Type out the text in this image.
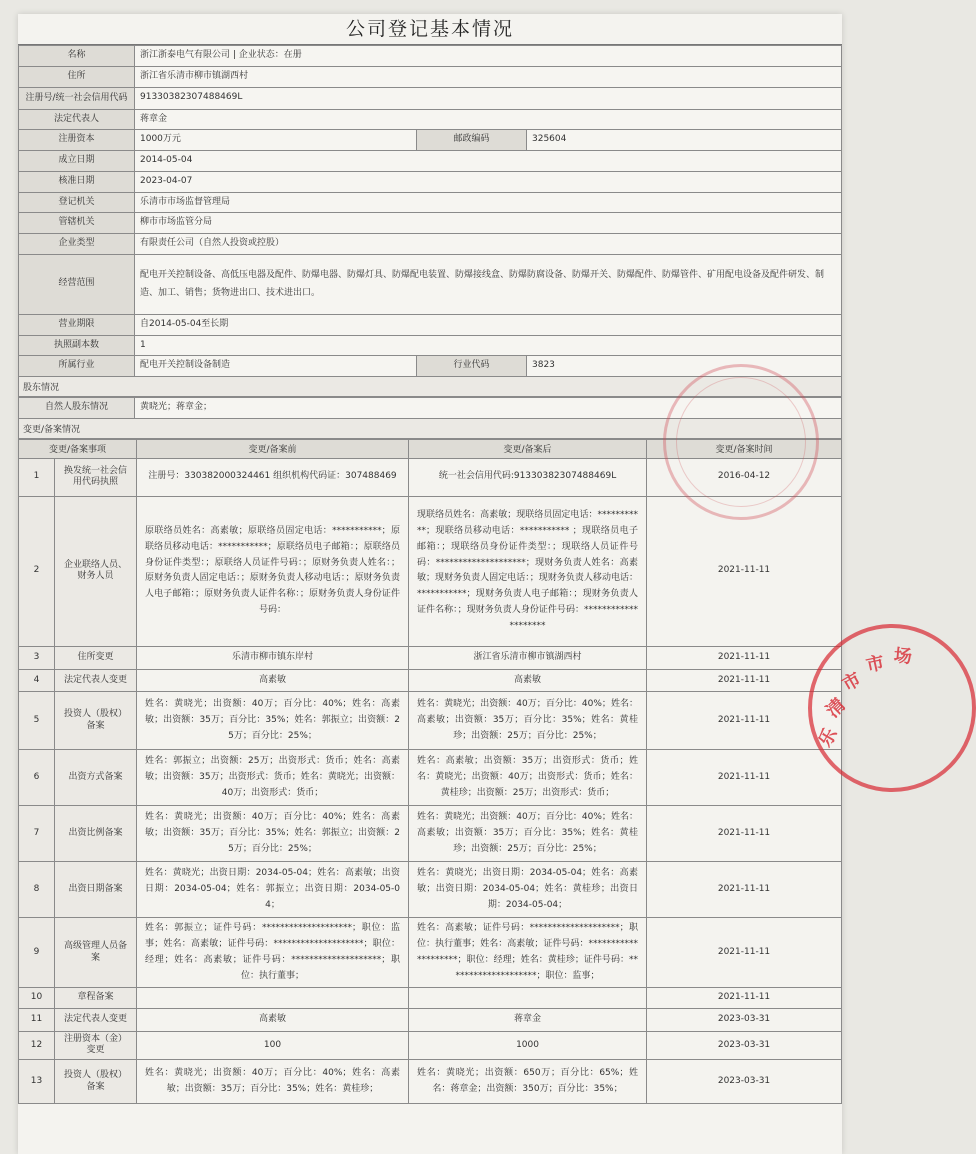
公司登记基本情况
名称	浙江浙泰电气有限公司 | 企业状态：在册		
住所	浙江省乐清市柳市镇湖西村		
注册号/统一社会信用代码	91330382307488469L		
法定代表人	蒋章金		
注册资本	1000万元	邮政编码	325604
成立日期	2014-05-04		
核准日期	2023-04-07		
登记机关	乐清市市场监督管理局		
管辖机关	柳市市场监管分局		
企业类型	有限责任公司（自然人投资或控股）		
经营范围	配电开关控制设备、高低压电器及配件、防爆电器、防爆灯具、防爆配电装置、防爆接线盒、防爆防腐设备、防爆开关、防爆配件、防爆管件、矿用配电设备及配件研发、制造、加工、销售；货物进出口、技术进出口。		
营业期限	自2014-05-04至长期		
执照副本数	1		
所属行业	配电开关控制设备制造	行业代码	3823
股东情况
自然人股东情况	黄晓光；蒋章金；
变更/备案情况
变更/备案事项		变更/备案前	变更/备案后	变更/备案时间
1	换发统一社会信用代码执照	注册号：330382000324461 组织机构代码证：307488469	统一社会信用代码:91330382307488469L	2016-04-12
2	企业联络人员、财务人员	原联络员姓名：高素敏；原联络员固定电话：***********；原联络员移动电话：***********；原联络员电子邮箱：；原联络员身份证件类型：；原联络人员证件号码：；原财务负责人姓名：；原财务负责人固定电话：；原财务负责人移动电话：；原财务负责人电子邮箱：；原财务负责人证件名称：；原财务负责人身份证件号码：	现联络员姓名：高素敏；现联络员固定电话：***********；现联络员移动电话：*********** ；现联络员电子邮箱：；现联络员身份证件类型：；现联络人员证件号码：********************；现财务负责人姓名：高素敏；现财务负责人固定电话：；现财务负责人移动电话：***********；现财务负责人电子邮箱：；现财务负责人证件名称：；现财务负责人身份证件号码：********************	2021-11-11
3	住所变更	乐清市柳市镇东岸村	浙江省乐清市柳市镇湖西村	2021-11-11
4	法定代表人变更	高素敏	高素敏	2021-11-11
5	投资人（股权）备案	姓名：黄晓光；出资额：40万；百分比：40%；姓名：高素敏；出资额：35万；百分比：35%；姓名：郭振立；出资额：25万；百分比：25%；	姓名：黄晓光；出资额：40万；百分比：40%；姓名：高素敏；出资额：35万；百分比：35%；姓名：黄桂珍；出资额：25万；百分比：25%；	2021-11-11
6	出资方式备案	姓名：郭振立；出资额：25万；出资形式：货币；姓名：高素敏；出资额：35万；出资形式：货币；姓名：黄晓光；出资额：40万；出资形式：货币；	姓名：高素敏；出资额：35万；出资形式：货币；姓名：黄晓光；出资额：40万；出资形式：货币；姓名：黄桂珍；出资额：25万；出资形式：货币；	2021-11-11
7	出资比例备案	姓名：黄晓光；出资额：40万；百分比：40%；姓名：高素敏；出资额：35万；百分比：35%；姓名：郭振立；出资额：25万；百分比：25%；	姓名：黄晓光；出资额：40万；百分比：40%；姓名：高素敏；出资额：35万；百分比：35%；姓名：黄桂珍；出资额：25万；百分比：25%；	2021-11-11
8	出资日期备案	姓名：黄晓光；出资日期：2034-05-04；姓名：高素敏；出资日期：2034-05-04；姓名：郭振立；出资日期：2034-05-04；	姓名：黄晓光；出资日期：2034-05-04；姓名：高素敏；出资日期：2034-05-04；姓名：黄桂珍；出资日期：2034-05-04；	2021-11-11
9	高级管理人员备案	姓名：郭振立；证件号码：********************；职位：监事；姓名：高素敏；证件号码：********************；职位：经理；姓名：高素敏；证件号码：********************；职位：执行董事；	姓名：高素敏；证件号码：********************；职位：执行董事；姓名：高素敏；证件号码：********************；职位：经理；姓名：黄桂珍；证件号码：********************；职位：监事；	2021-11-11
10	章程备案			2021-11-11
11	法定代表人变更	高素敏	蒋章金	2023-03-31
12	注册资本（金）变更	100	1000	2023-03-31
13	投资人（股权）备案	姓名：黄晓光；出资额：40万；百分比：40%；姓名：高素敏；出资额：35万；百分比：35%；姓名：黄桂珍；	姓名：黄晓光；出资额：650万；百分比：65%；姓名：蒋章金；出资额：350万；百分比：35%；	2023-03-31
乐
清
市
市 场
